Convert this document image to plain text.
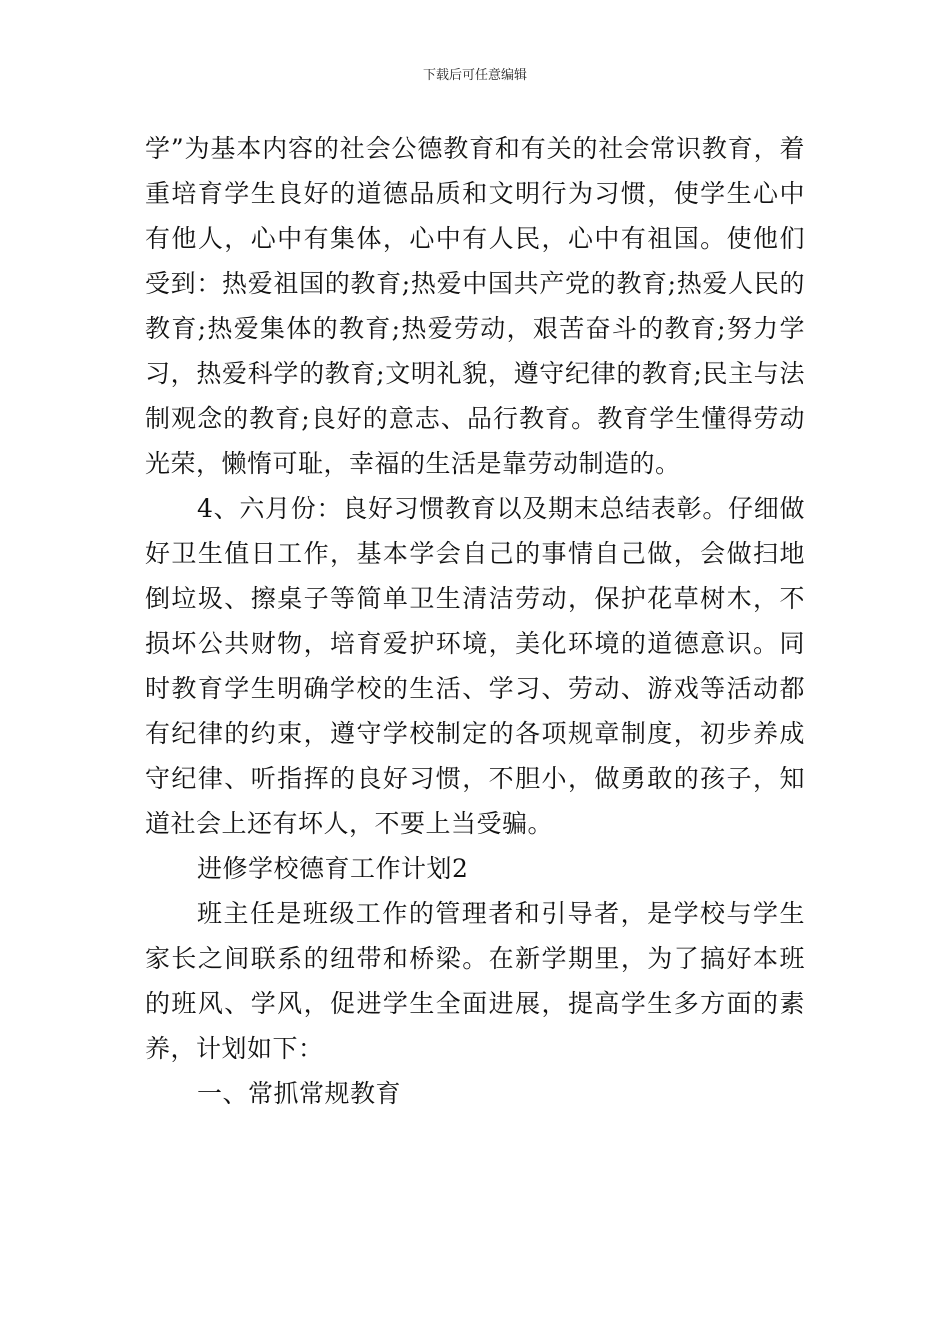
下载后可任意编辑

学”为基本内容的社会公德教育和有关的社会常识教育，着重培育学生良好的道德品质和文明行为习惯，使学生心中有他人，心中有集体，心中有人民，心中有祖国。使他们受到：热爱祖国的教育;热爱中国共产党的教育;热爱人民的教育;热爱集体的教育;热爱劳动，艰苦奋斗的教育;努力学习，热爱科学的教育;文明礼貌，遵守纪律的教育;民主与法制观念的教育;良好的意志、品行教育。教育学生懂得劳动光荣，懒惰可耻，幸福的生活是靠劳动制造的。

4、六月份：良好习惯教育以及期末总结表彰。仔细做好卫生值日工作，基本学会自己的事情自己做，会做扫地倒垃圾、擦桌子等简单卫生清洁劳动，保护花草树木，不损坏公共财物，培育爱护环境，美化环境的道德意识。同时教育学生明确学校的生活、学习、劳动、游戏等活动都有纪律的约束，遵守学校制定的各项规章制度，初步养成守纪律、听指挥的良好习惯，不胆小，做勇敢的孩子，知道社会上还有坏人，不要上当受骗。

进修学校德育工作计划2

班主任是班级工作的管理者和引导者，是学校与学生家长之间联系的纽带和桥梁。在新学期里，为了搞好本班的班风、学风，促进学生全面进展，提高学生多方面的素养，计划如下：

一、常抓常规教育
